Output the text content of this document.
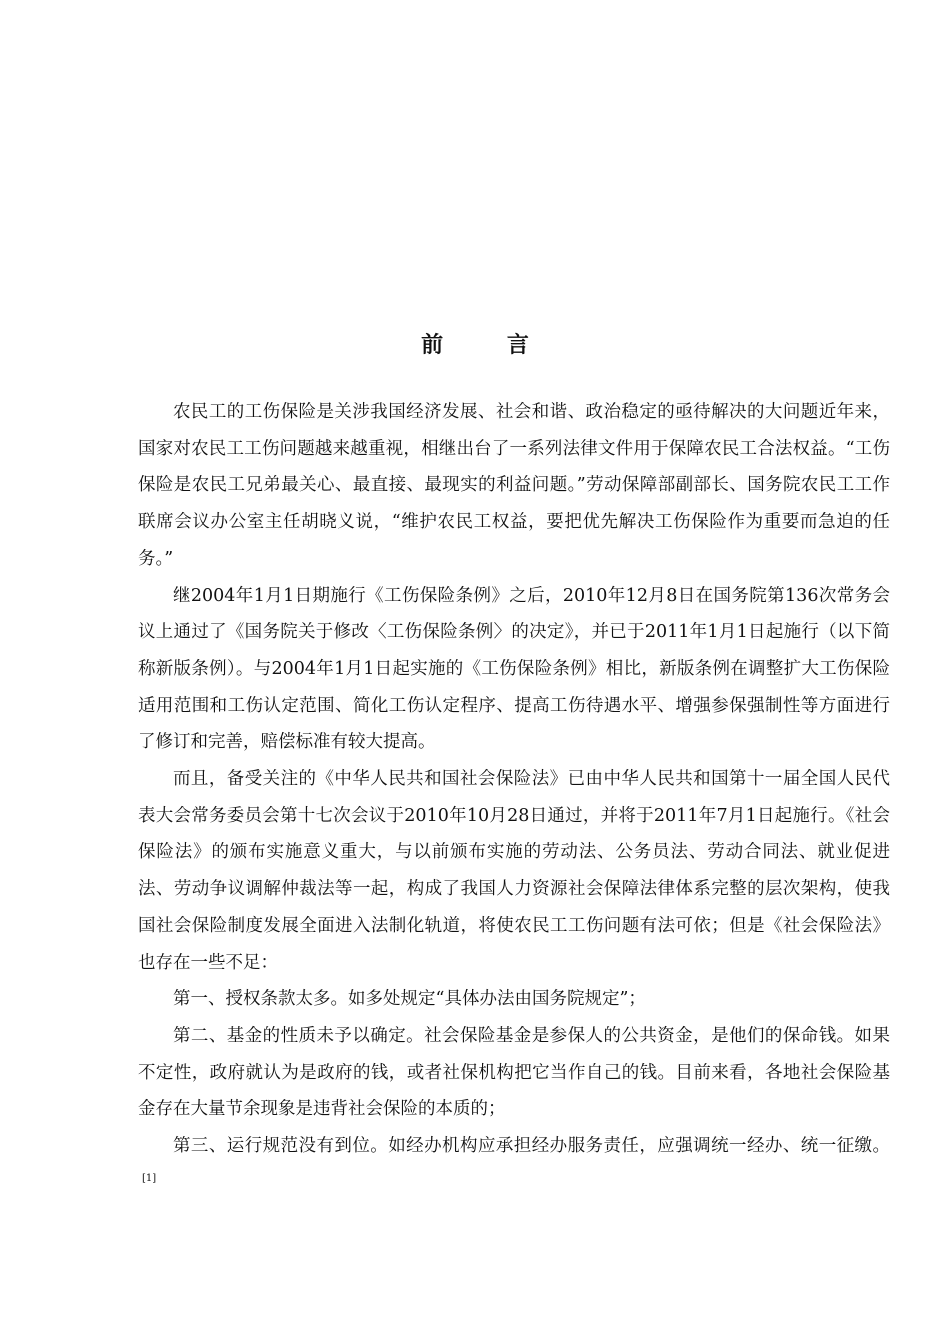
前 言

农民工的工伤保险是关涉我国经济发展、社会和谐、政治稳定的亟待解决的大问题近年来，国家对农民工工伤问题越来越重视，相继出台了一系列法律文件用于保障农民工合法权益。“工伤保险是农民工兄弟最关心、最直接、最现实的利益问题。”劳动保障部副部长、国务院农民工工作联席会议办公室主任胡晓义说，“维护农民工权益，要把优先解决工伤保险作为重要而急迫的任务。”

继2004年1月1日期施行《工伤保险条例》之后，2010年12月8日在国务院第136次常务会议上通过了《国务院关于修改〈工伤保险条例〉的决定》，并已于2011年1月1日起施行（以下简称新版条例）。与2004年1月1日起实施的《工伤保险条例》相比，新版条例在调整扩大工伤保险适用范围和工伤认定范围、简化工伤认定程序、提高工伤待遇水平、增强参保强制性等方面进行了修订和完善，赔偿标准有较大提高。

而且，备受关注的《中华人民共和国社会保险法》已由中华人民共和国第十一届全国人民代表大会常务委员会第十七次会议于2010年10月28日通过，并将于2011年7月1日起施行。《社会保险法》的颁布实施意义重大，与以前颁布实施的劳动法、公务员法、劳动合同法、就业促进法、劳动争议调解仲裁法等一起，构成了我国人力资源社会保障法律体系完整的层次架构，使我国社会保险制度发展全面进入法制化轨道，将使农民工工伤问题有法可依；但是《社会保险法》也存在一些不足：

第一、授权条款太多。如多处规定“具体办法由国务院规定”；

第二、基金的性质未予以确定。社会保险基金是参保人的公共资金，是他们的保命钱。如果不定性，政府就认为是政府的钱，或者社保机构把它当作自己的钱。目前来看，各地社会保险基金存在大量节余现象是违背社会保险的本质的；

第三、运行规范没有到位。如经办机构应承担经办服务责任，应强调统一经办、统一征缴。[1]
